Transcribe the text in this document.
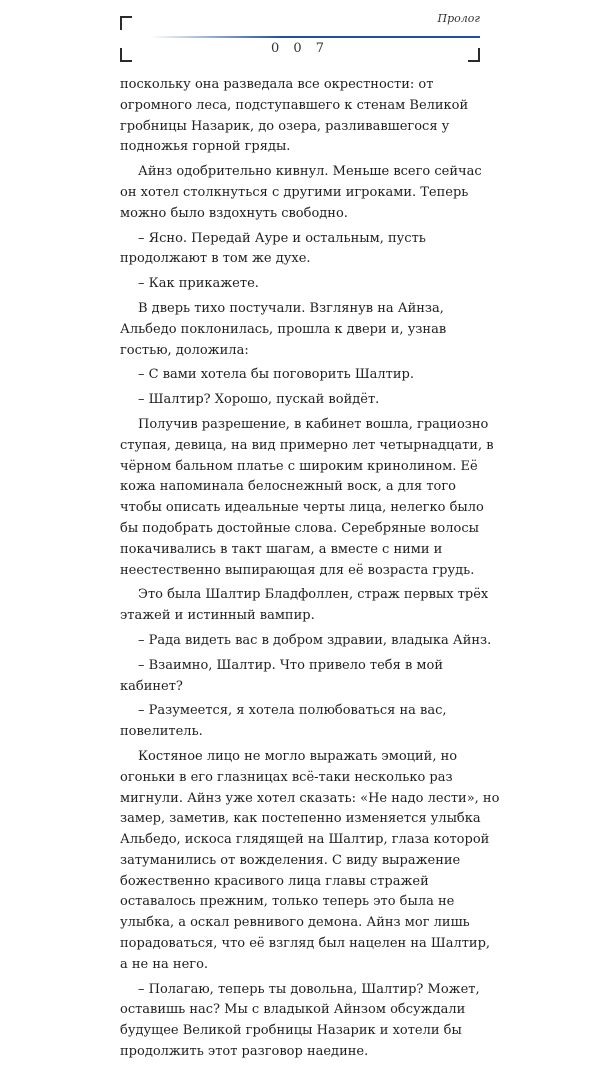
Пролог
0 0 7

поскольку она разведала все окрестности: от огромного леса, подступавшего к стенам Великой гробницы Назарик, до озера, разливавшегося у подножья горной гряды.

Айнз одобрительно кивнул. Меньше всего сейчас он хотел столкнуться с другими игроками. Теперь можно было вздохнуть свободно.

– Ясно. Передай Ауре и остальным, пусть продолжают в том же духе.

– Как прикажете.

В дверь тихо постучали. Взглянув на Айнза, Альбедо поклонилась, прошла к двери и, узнав гостью, доложила:

– С вами хотела бы поговорить Шалтир.

– Шалтир? Хорошо, пускай войдёт.

Получив разрешение, в кабинет вошла, грациозно ступая, девица, на вид примерно лет четырнадцати, в чёрном бальном платье с широким кринолином. Её кожа напоминала белоснежный воск, а для того чтобы описать идеальные черты лица, нелегко было бы подобрать достойные слова. Серебряные волосы покачивались в такт шагам, а вместе с ними и неестественно выпирающая для её возраста грудь.

Это была Шалтир Бладфоллен, страж первых трёх этажей и истинный вампир.

– Рада видеть вас в добром здравии, владыка Айнз.

– Взаимно, Шалтир. Что привело тебя в мой кабинет?

– Разумеется, я хотела полюбоваться на вас, повелитель.

Костяное лицо не могло выражать эмоций, но огоньки в его глазницах всё-таки несколько раз мигнули. Айнз уже хотел сказать: «Не надо лести», но замер, заметив, как постепенно изменяется улыбка Альбедо, искоса глядящей на Шалтир, глаза которой затуманились от вожделения. С виду выражение божественно красивого лица главы стражей оставалось прежним, только теперь это была не улыбка, а оскал ревнивого демона. Айнз мог лишь порадоваться, что её взгляд был нацелен на Шалтир, а не на него.

– Полагаю, теперь ты довольна, Шалтир? Может, оставишь нас? Мы с владыкой Айнзом обсуждали будущее Великой гробницы Назарик и хотели бы продолжить этот разговор наедине.
